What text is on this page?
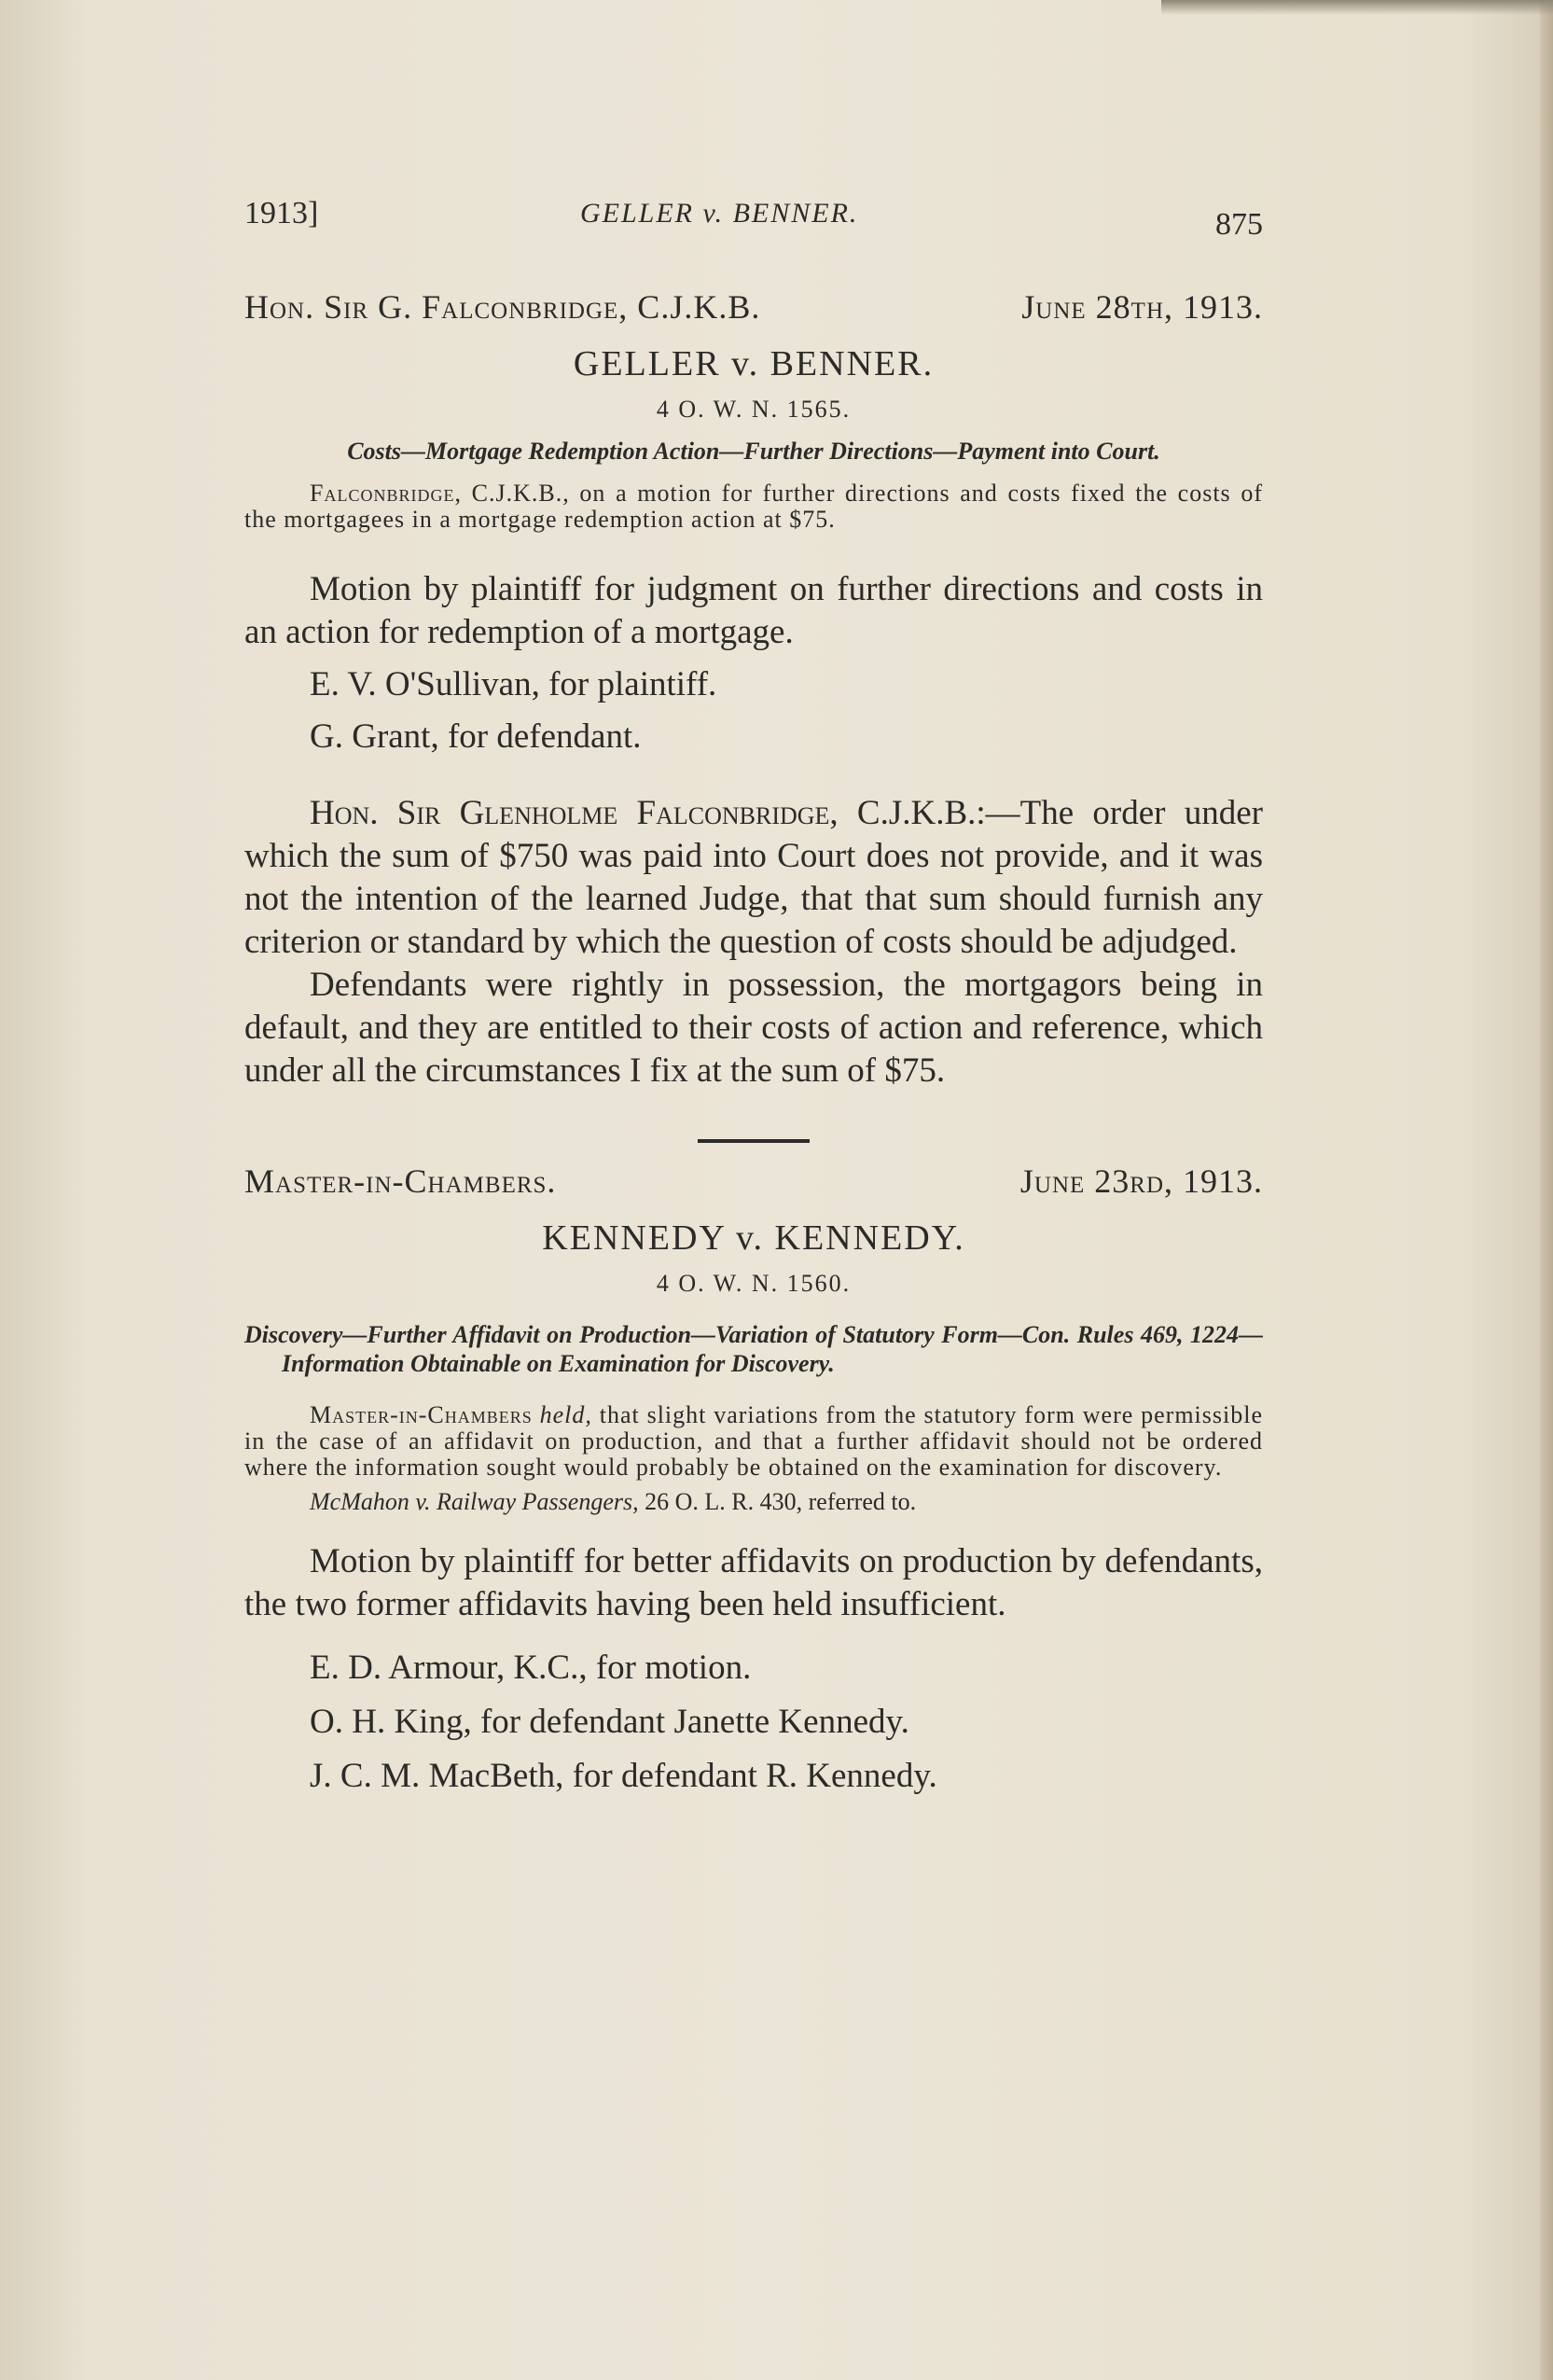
1913]	GELLER v. BENNER.	875
Hon. Sir G. Falconbridge, C.J.K.B.	June 28th, 1913.
GELLER v. BENNER.
4 O. W. N. 1565.
Costs—Mortgage Redemption Action—Further Directions—Payment into Court.
Falconbridge, C.J.K.B., on a motion for further directions and costs fixed the costs of the mortgagees in a mortgage redemption action at $75.

Motion by plaintiff for judgment on further directions and costs in an action for redemption of a mortgage.

E. V. O'Sullivan, for plaintiff.
G. Grant, for defendant.

Hon. Sir Glenholme Falconbridge, C.J.K.B.:—The order under which the sum of $750 was paid into Court does not provide, and it was not the intention of the learned Judge, that that sum should furnish any criterion or standard by which the question of costs should be adjudged.

Defendants were rightly in possession, the mortgagors being in default, and they are entitled to their costs of action and reference, which under all the circumstances I fix at the sum of $75.

Master-in-Chambers.	June 23rd, 1913.
KENNEDY v. KENNEDY.
4 O. W. N. 1560.
Discovery—Further Affidavit on Production—Variation of Statutory Form—Con. Rules 469, 1224—Information Obtainable on Examination for Discovery.
Master-in-Chambers held, that slight variations from the statutory form were permissible in the case of an affidavit on production, and that a further affidavit should not be ordered where the information sought would probably be obtained on the examination for discovery.
McMahon v. Railway Passengers, 26 O. L. R. 430, referred to.

Motion by plaintiff for better affidavits on production by defendants, the two former affidavits having been held insufficient.

E. D. Armour, K.C., for motion.
O. H. King, for defendant Janette Kennedy.
J. C. M. MacBeth, for defendant R. Kennedy.
